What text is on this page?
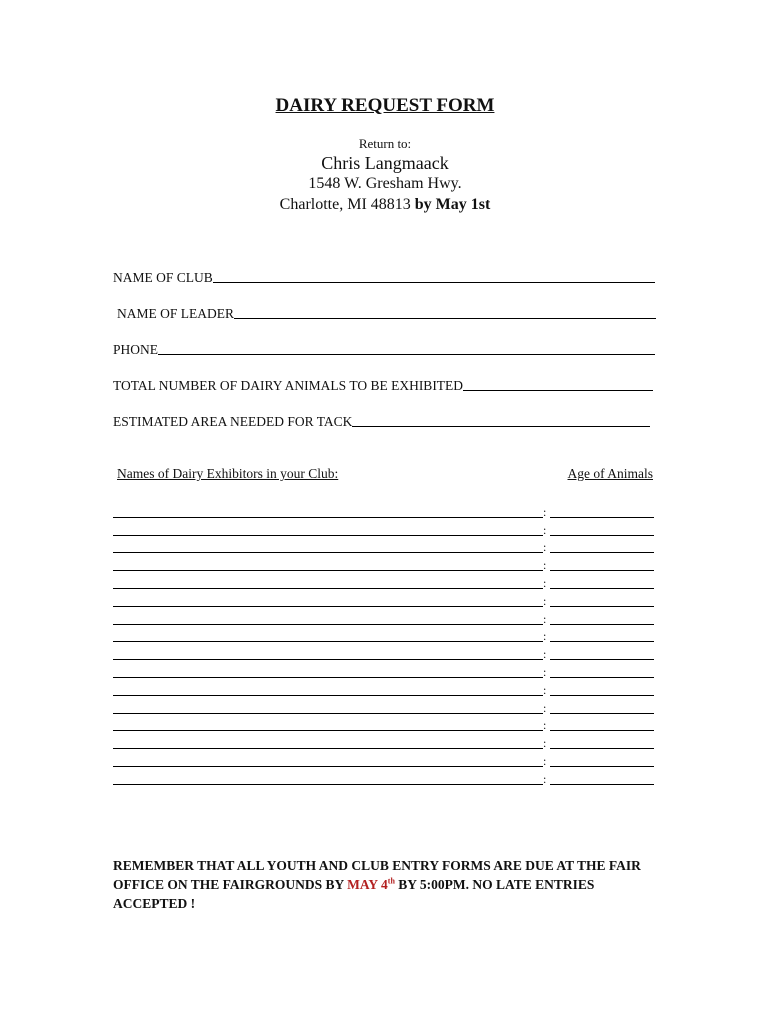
DAIRY REQUEST FORM
Return to:
Chris Langmaack
1548 W. Gresham Hwy.
Charlotte, MI 48813 by May 1st
NAME OF CLUB
NAME OF LEADER
PHONE
TOTAL NUMBER OF DAIRY ANIMALS TO BE EXHIBITED
ESTIMATED AREA NEEDED FOR TACK
Names of Dairy Exhibitors in your Club:	Age of Animals
:
:
:
:
:
:
:
:
:
:
:
:
:
:
:
:
REMEMBER THAT ALL YOUTH AND CLUB ENTRY FORMS ARE DUE AT THE FAIR OFFICE ON THE FAIRGROUNDS BY MAY 4th BY 5:00PM. NO LATE ENTRIES ACCEPTED !
